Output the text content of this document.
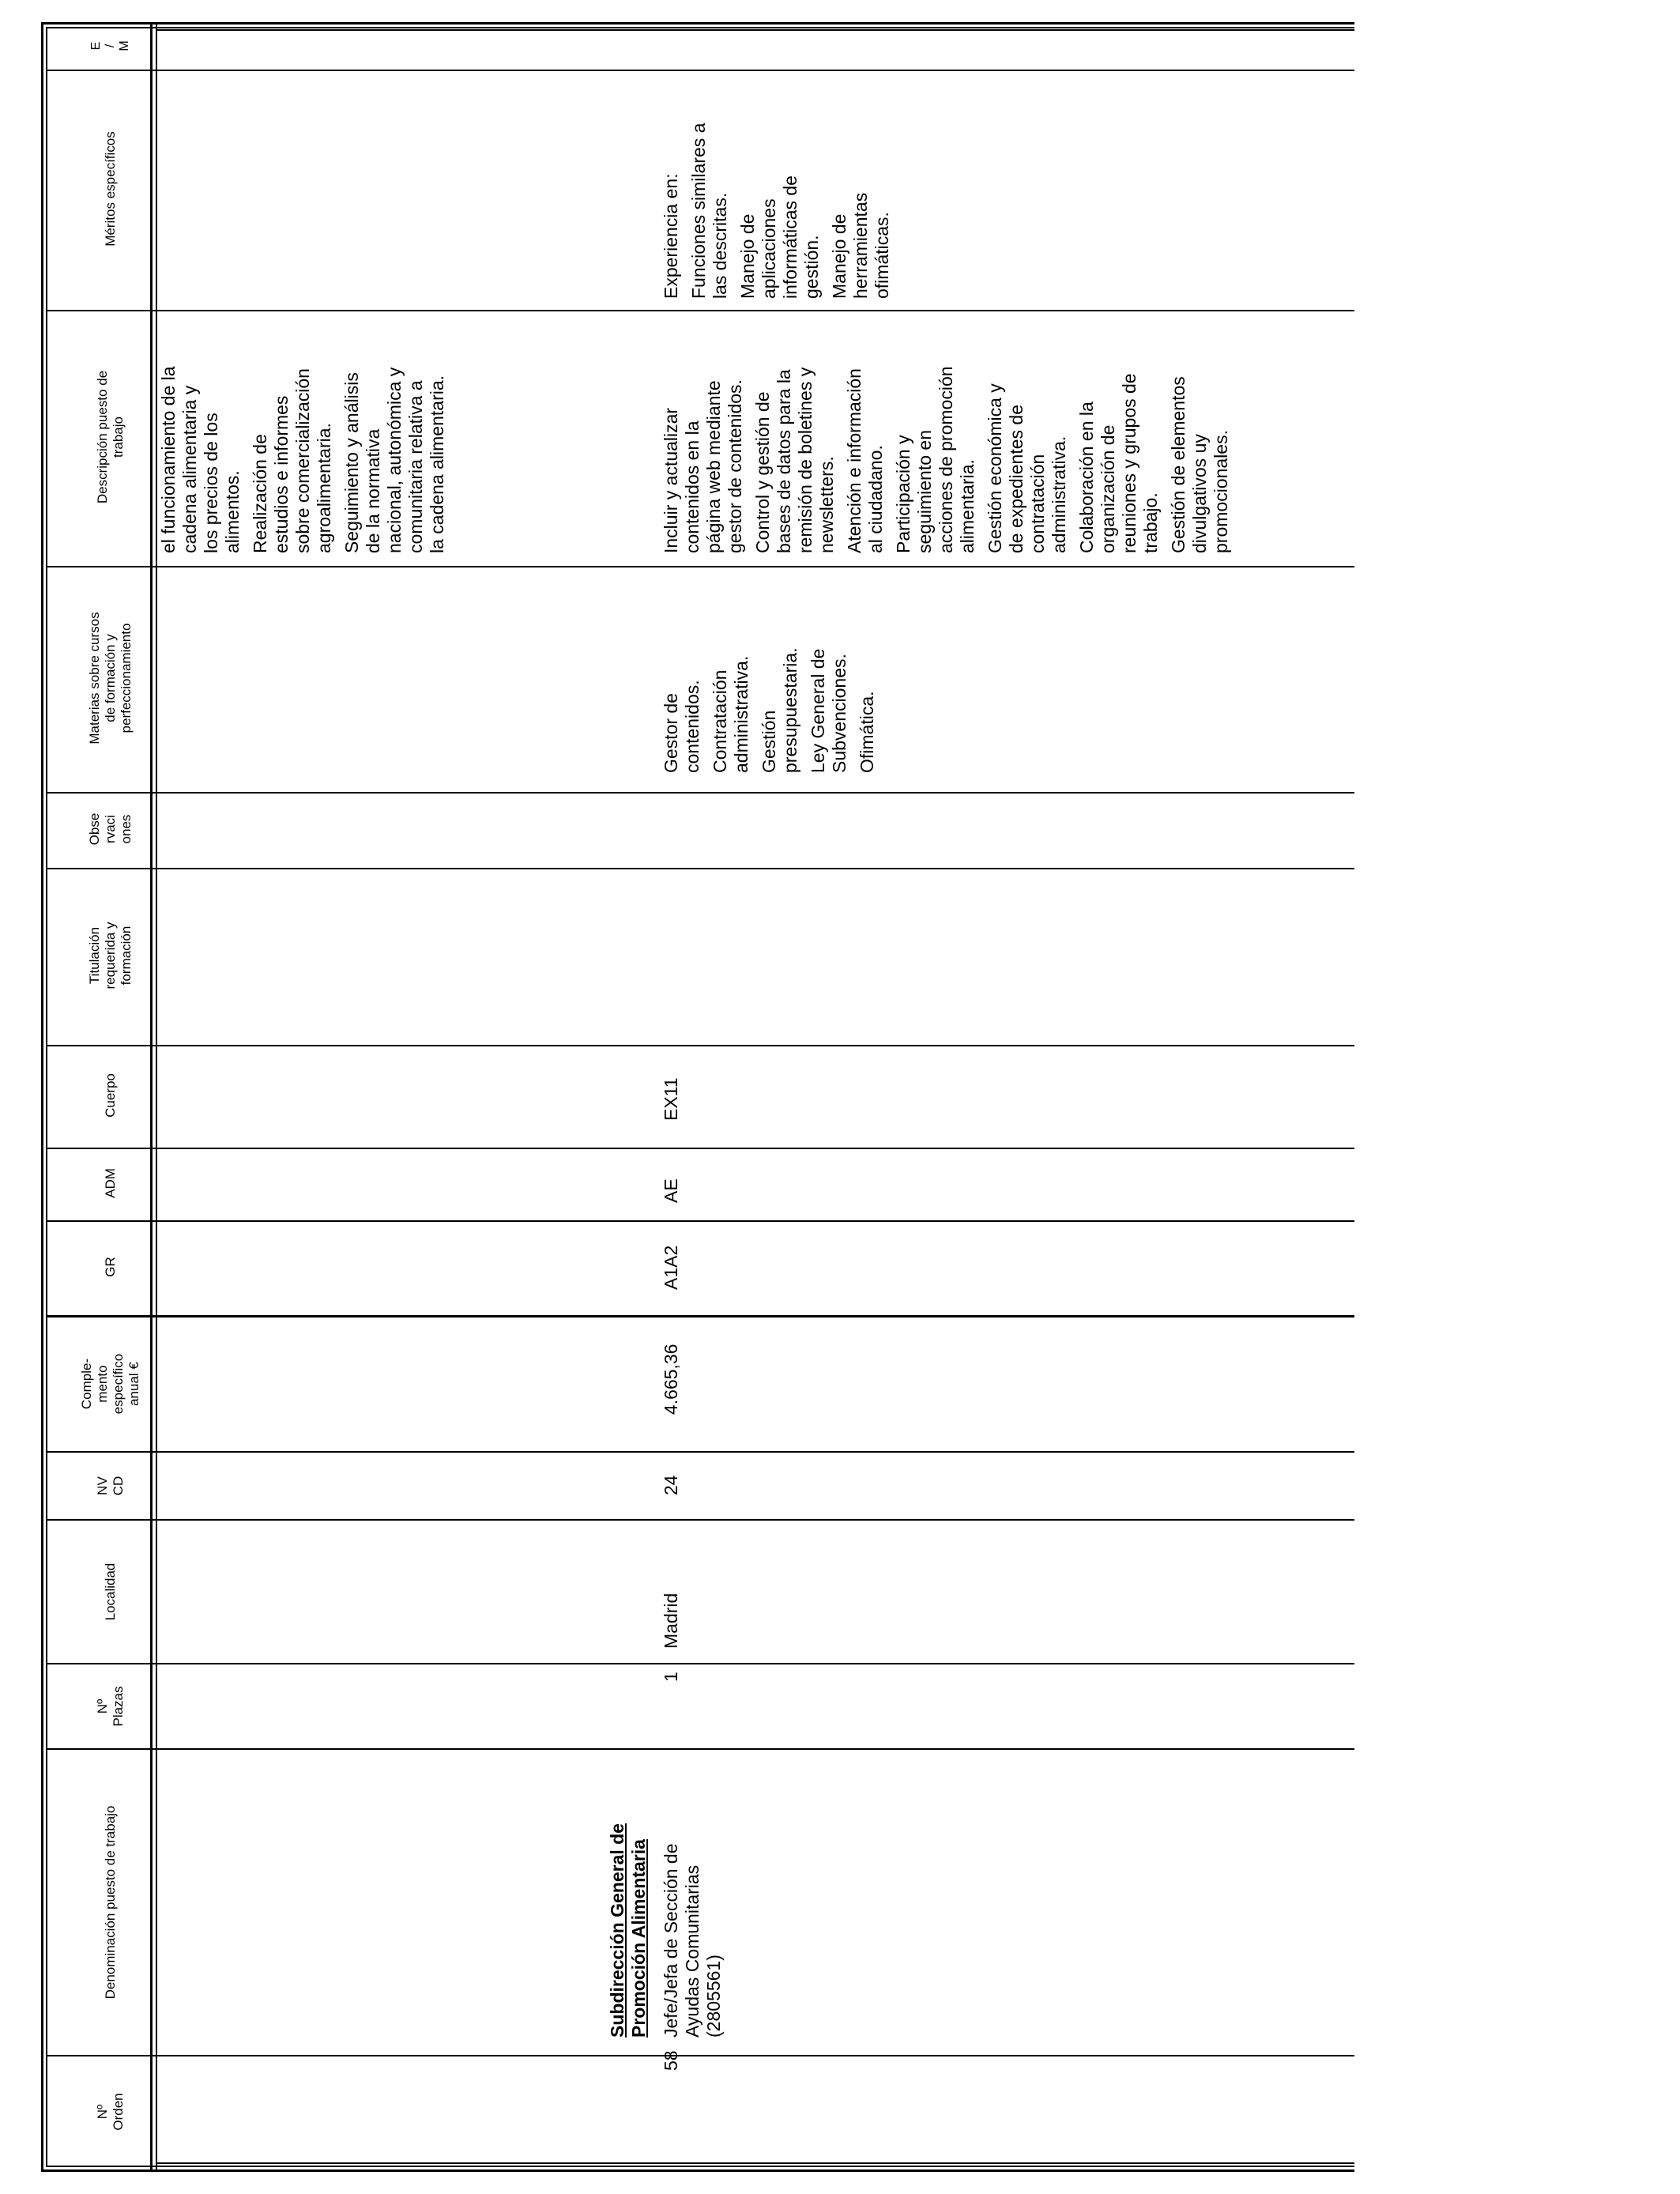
Nº
Orden
Denominación puesto de trabajo
Nº
Plazas
Localidad
NV
CD
Comple-
mento
específico
anual €
GR
ADM
Cuerpo
Titulación
requerida y
formación
Obse
rvaci
ones
Materias sobre cursos
de formación y
perfeccionamiento
Descripción puesto de
trabajo
Méritos específicos
E
/
M

el funcionamiento de la
cadena alimentaria y
los precios de los
alimentos. Realización de
estudios e informes
sobre comercialización
agroalimentaria. Seguimiento y análisis
de la normativa
nacional, autonómica y
comunitaria relativa a
la cadena alimentaria.

Subdirección General de
Promoción Alimentaria
58
Jefe/Jefa de Sección de
Ayudas Comunitarias
(2805561)
1
Madrid
24
4.665,36
A1A2
AE
EX11

Gestor de
contenidos. Contratación
administrativa. Gestión
presupuestaria. Ley General de
Subvenciones. Ofimática.

Incluir y actualizar
contenidos en la
página web mediante
gestor de contenidos.

Control y gestión de
bases de datos para la
remisión de boletines y
newsletters. Atención e información
al ciudadano. Participación y
seguimiento en
acciones de promoción
alimentaria. Gestión económica y
de expedientes de
contratación
administrativa. Colaboración en la
organización de
reuniones y grupos de
trabajo. Gestión de elementos
divulgativos uy
promocionales.

Experiencia en: Funciones similares a
las descritas. Manejo de
aplicaciones
informáticas de
gestión. Manejo de
herramientas
ofimáticas.
